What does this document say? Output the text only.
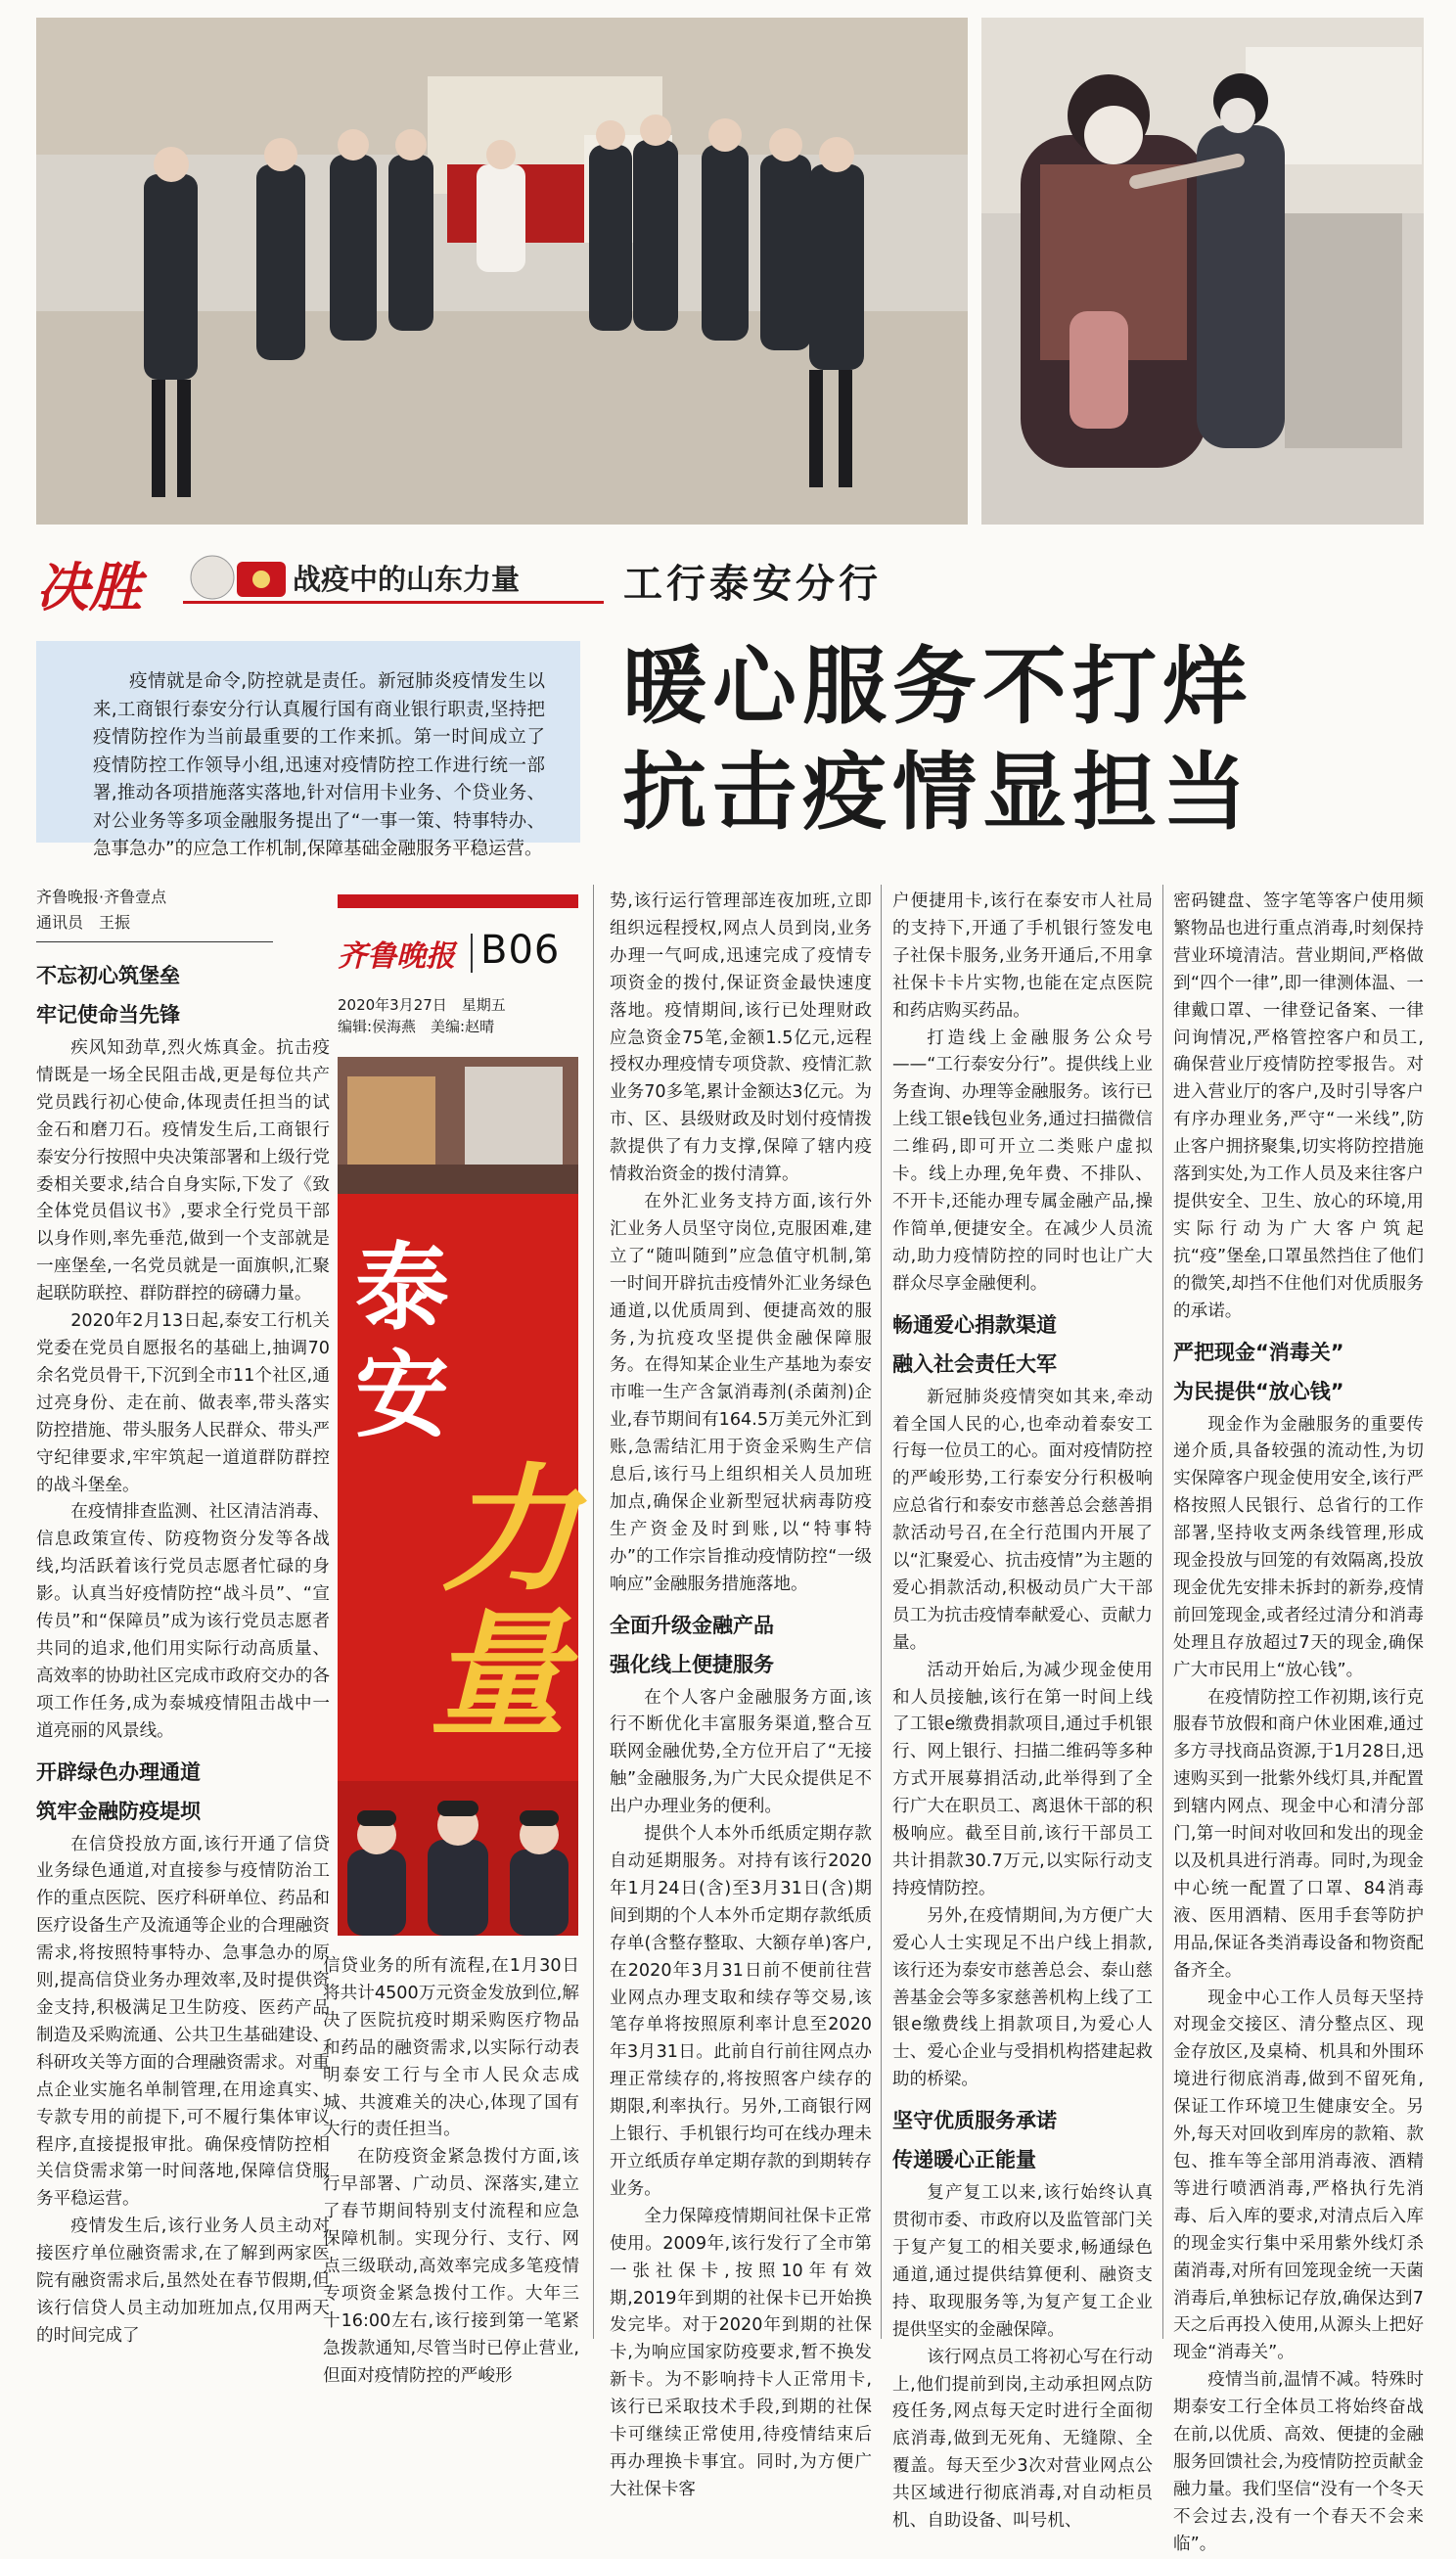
决胜	战疫中的山东力量	工行泰安分行
暖心服务不打烊
抗击疫情显担当
疫情就是命令,防控就是责任。新冠肺炎疫情发生以来,工商银行泰安分行认真履行国有商业银行职责,坚持把疫情防控作为当前最重要的工作来抓。第一时间成立了疫情防控工作领导小组,迅速对疫情防控工作进行统一部署,推动各项措施落实落地,针对信用卡业务、个贷业务、对公业务等多项金融服务提出了“一事一策、特事特办、急事急办”的应急工作机制,保障基础金融服务平稳运营。
齐鲁晚报·齐鲁壹点
通讯员　王振
不忘初心筑堡垒
牢记使命当先锋

疾风知劲草,烈火炼真金。抗击疫情既是一场全民阻击战,更是每位共产党员践行初心使命,体现责任担当的试金石和磨刀石。疫情发生后,工商银行泰安分行按照中央决策部署和上级行党委相关要求,结合自身实际,下发了《致全体党员倡议书》,要求全行党员干部以身作则,率先垂范,做到一个支部就是一座堡垒,一名党员就是一面旗帜,汇聚起联防联控、群防群控的磅礴力量。

2020年2月13日起,泰安工行机关党委在党员自愿报名的基础上,抽调70余名党员骨干,下沉到全市11个社区,通过亮身份、走在前、做表率,带头落实防控措施、带头服务人民群众、带头严守纪律要求,牢牢筑起一道道群防群控的战斗堡垒。

在疫情排查监测、社区清洁消毒、信息政策宣传、防疫物资分发等各战线,均活跃着该行党员志愿者忙碌的身影。认真当好疫情防控“战斗员”、“宣传员”和“保障员”成为该行党员志愿者共同的追求,他们用实际行动高质量、高效率的协助社区完成市政府交办的各项工作任务,成为泰城疫情阻击战中一道亮丽的风景线。

开辟绿色办理通道
筑牢金融防疫堤坝

在信贷投放方面,该行开通了信贷业务绿色通道,对直接参与疫情防治工作的重点医院、医疗科研单位、药品和医疗设备生产及流通等企业的合理融资需求,将按照特事特办、急事急办的原则,提高信贷业务办理效率,及时提供资金支持,积极满足卫生防疫、医药产品制造及采购流通、公共卫生基础建设、科研攻关等方面的合理融资需求。对重点企业实施名单制管理,在用途真实、专款专用的前提下,可不履行集体审议程序,直接提报审批。确保疫情防控相关信贷需求第一时间落地,保障信贷服务平稳运营。

疫情发生后,该行业务人员主动对接医疗单位融资需求,在了解到两家医院有融资需求后,虽然处在春节假期,但该行信贷人员主动加班加点,仅用两天的时间完成了

齐鲁晚报 B06
2020年3月27日　星期五
编辑:侯海燕　美编:赵晴
泰
安
力
量

信贷业务的所有流程,在1月30日将共计4500万元资金发放到位,解决了医院抗疫时期采购医疗物品和药品的融资需求,以实际行动表明泰安工行与全市人民众志成城、共渡难关的决心,体现了国有大行的责任担当。

在防疫资金紧急拨付方面,该行早部署、广动员、深落实,建立了春节期间特别支付流程和应急保障机制。实现分行、支行、网点三级联动,高效率完成多笔疫情专项资金紧急拨付工作。大年三十16:00左右,该行接到第一笔紧急拨款通知,尽管当时已停止营业,但面对疫情防控的严峻形

势,该行运行管理部连夜加班,立即组织远程授权,网点人员到岗,业务办理一气呵成,迅速完成了疫情专项资金的拨付,保证资金最快速度落地。疫情期间,该行已处理财政应急资金75笔,金额1.5亿元,远程授权办理疫情专项贷款、疫情汇款业务70多笔,累计金额达3亿元。为市、区、县级财政及时划付疫情拨款提供了有力支撑,保障了辖内疫情救治资金的拨付清算。

在外汇业务支持方面,该行外汇业务人员坚守岗位,克服困难,建立了“随叫随到”应急值守机制,第一时间开辟抗击疫情外汇业务绿色通道,以优质周到、便捷高效的服务,为抗疫攻坚提供金融保障服务。在得知某企业生产基地为泰安市唯一生产含氯消毒剂(杀菌剂)企业,春节期间有164.5万美元外汇到账,急需结汇用于资金采购生产信息后,该行马上组织相关人员加班加点,确保企业新型冠状病毒防疫生产资金及时到账,以“特事特办”的工作宗旨推动疫情防控“一级响应”金融服务措施落地。

全面升级金融产品
强化线上便捷服务

在个人客户金融服务方面,该行不断优化丰富服务渠道,整合互联网金融优势,全方位开启了“无接触”金融服务,为广大民众提供足不出户办理业务的便利。

提供个人本外币纸质定期存款自动延期服务。对持有该行2020年1月24日(含)至3月31日(含)期间到期的个人本外币定期存款纸质存单(含整存整取、大额存单)客户,在2020年3月31日前不便前往营业网点办理支取和续存等交易,该笔存单将按照原利率计息至2020年3月31日。此前自行前往网点办理正常续存的,将按照客户续存的期限,利率执行。另外,工商银行网上银行、手机银行均可在线办理未开立纸质存单定期存款的到期转存业务。

全力保障疫情期间社保卡正常使用。2009年,该行发行了全市第一张社保卡,按照10年有效期,2019年到期的社保卡已开始换发完毕。对于2020年到期的社保卡,为响应国家防疫要求,暂不换发新卡。为不影响持卡人正常用卡,该行已采取技术手段,到期的社保卡可继续正常使用,待疫情结束后再办理换卡事宜。同时,为方便广大社保卡客

户便捷用卡,该行在泰安市人社局的支持下,开通了手机银行签发电子社保卡服务,业务开通后,不用拿社保卡卡片实物,也能在定点医院和药店购买药品。

打造线上金融服务公众号——“工行泰安分行”。提供线上业务查询、办理等金融服务。该行已上线工银e钱包业务,通过扫描微信二维码,即可开立二类账户虚拟卡。线上办理,免年费、不排队、不开卡,还能办理专属金融产品,操作简单,便捷安全。在减少人员流动,助力疫情防控的同时也让广大群众尽享金融便利。

畅通爱心捐款渠道
融入社会责任大军

新冠肺炎疫情突如其来,牵动着全国人民的心,也牵动着泰安工行每一位员工的心。面对疫情防控的严峻形势,工行泰安分行积极响应总省行和泰安市慈善总会慈善捐款活动号召,在全行范围内开展了以“汇聚爱心、抗击疫情”为主题的爱心捐款活动,积极动员广大干部员工为抗击疫情奉献爱心、贡献力量。

活动开始后,为减少现金使用和人员接触,该行在第一时间上线了工银e缴费捐款项目,通过手机银行、网上银行、扫描二维码等多种方式开展募捐活动,此举得到了全行广大在职员工、离退休干部的积极响应。截至目前,该行干部员工共计捐款30.7万元,以实际行动支持疫情防控。

另外,在疫情期间,为方便广大爱心人士实现足不出户线上捐款,该行还为泰安市慈善总会、泰山慈善基金会等多家慈善机构上线了工银e缴费线上捐款项目,为爱心人士、爱心企业与受捐机构搭建起救助的桥梁。

坚守优质服务承诺
传递暖心正能量

复产复工以来,该行始终认真贯彻市委、市政府以及监管部门关于复产复工的相关要求,畅通绿色通道,通过提供结算便利、融资支持、取现服务等,为复产复工企业提供坚实的金融保障。

该行网点员工将初心写在行动上,他们提前到岗,主动承担网点防疫任务,网点每天定时进行全面彻底消毒,做到无死角、无缝隙、全覆盖。每天至少3次对营业网点公共区域进行彻底消毒,对自动柜员机、自助设备、叫号机、

密码键盘、签字笔等客户使用频繁物品也进行重点消毒,时刻保持营业环境清洁。营业期间,严格做到“四个一律”,即一律测体温、一律戴口罩、一律登记备案、一律问询情况,严格管控客户和员工,确保营业厅疫情防控零报告。对进入营业厅的客户,及时引导客户有序办理业务,严守“一米线”,防止客户拥挤聚集,切实将防控措施落到实处,为工作人员及来往客户提供安全、卫生、放心的环境,用实际行动为广大客户筑起抗“疫”堡垒,口罩虽然挡住了他们的微笑,却挡不住他们对优质服务的承诺。

严把现金“消毒关”
为民提供“放心钱”

现金作为金融服务的重要传递介质,具备较强的流动性,为切实保障客户现金使用安全,该行严格按照人民银行、总省行的工作部署,坚持收支两条线管理,形成现金投放与回笼的有效隔离,投放现金优先安排未拆封的新券,疫情前回笼现金,或者经过清分和消毒处理且存放超过7天的现金,确保广大市民用上“放心钱”。

在疫情防控工作初期,该行克服春节放假和商户休业困难,通过多方寻找商品资源,于1月28日,迅速购买到一批紫外线灯具,并配置到辖内网点、现金中心和清分部门,第一时间对收回和发出的现金以及机具进行消毒。同时,为现金中心统一配置了口罩、84消毒液、医用酒精、医用手套等防护用品,保证各类消毒设备和物资配备齐全。

现金中心工作人员每天坚持对现金交接区、清分整点区、现金存放区,及桌椅、机具和外围环境进行彻底消毒,做到不留死角,保证工作环境卫生健康安全。另外,每天对回收到库房的款箱、款包、推车等全部用消毒液、酒精等进行喷洒消毒,严格执行先消毒、后入库的要求,对清点后入库的现金实行集中采用紫外线灯杀菌消毒,对所有回笼现金统一天菌消毒后,单独标记存放,确保达到7天之后再投入使用,从源头上把好现金“消毒关”。

疫情当前,温情不减。特殊时期泰安工行全体员工将始终奋战在前,以优质、高效、便捷的金融服务回馈社会,为疫情防控贡献金融力量。我们坚信“没有一个冬天不会过去,没有一个春天不会来临”。
